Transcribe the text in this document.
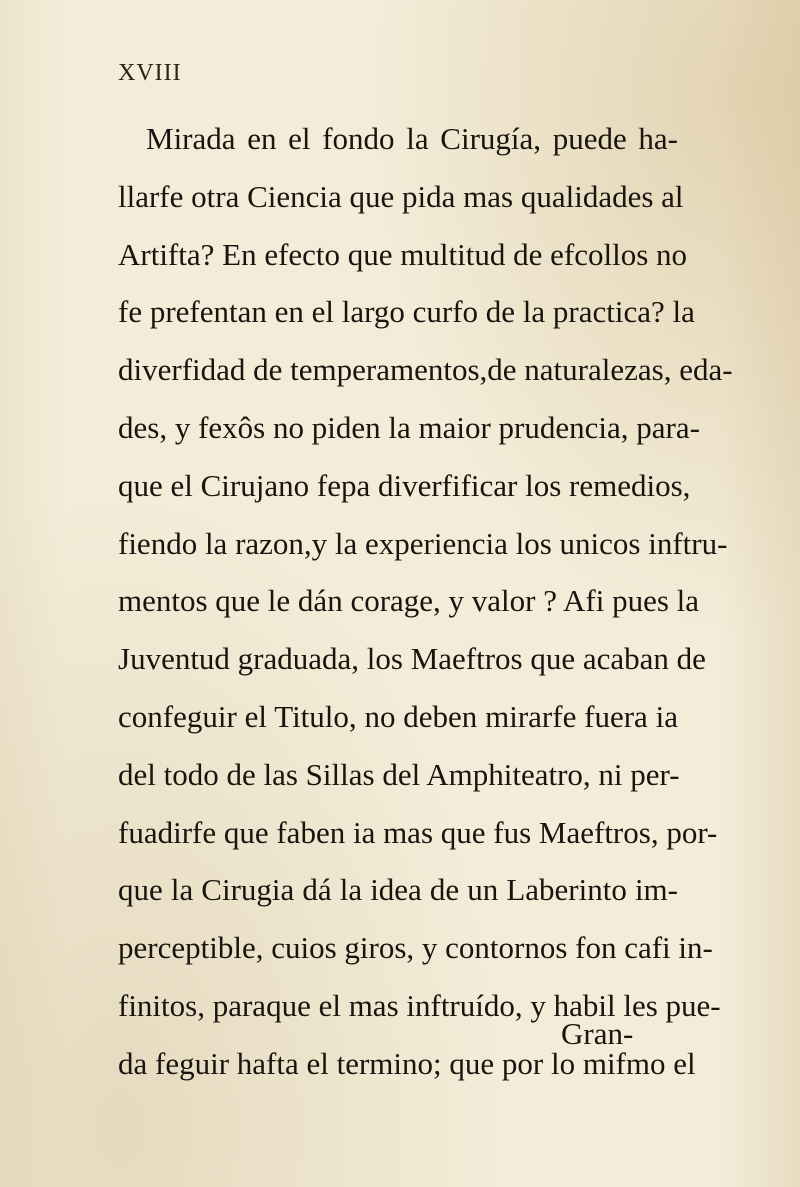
XVIII
Mirada en el fondo la Cirugía, puede ha-
llarfe otra Ciencia que pida mas qualidades al
Artifta? En efecto que multitud de efcollos no
fe prefentan en el largo curfo de la practica? la
diverfidad de temperamentos,de naturalezas, eda-
des, y fexôs no piden la maior prudencia, para-
que el Cirujano fepa diverfificar los remedios,
fiendo la razon,y la experiencia los unicos inftru-
mentos que le dán corage, y valor ? Afi pues la
Juventud graduada, los Maeftros que acaban de
confeguir el Titulo, no deben mirarfe fuera ia
del todo de las Sillas del Amphiteatro, ni per-
fuadirfe que faben ia mas que fus Maeftros, por-
que la Cirugia dá la idea de un Laberinto im-
perceptible, cuios giros, y contornos fon cafi in-
finitos, paraque el mas inftruído, y habil les pue-
da feguir hafta el termino; que por lo mifmo el
Gran-
